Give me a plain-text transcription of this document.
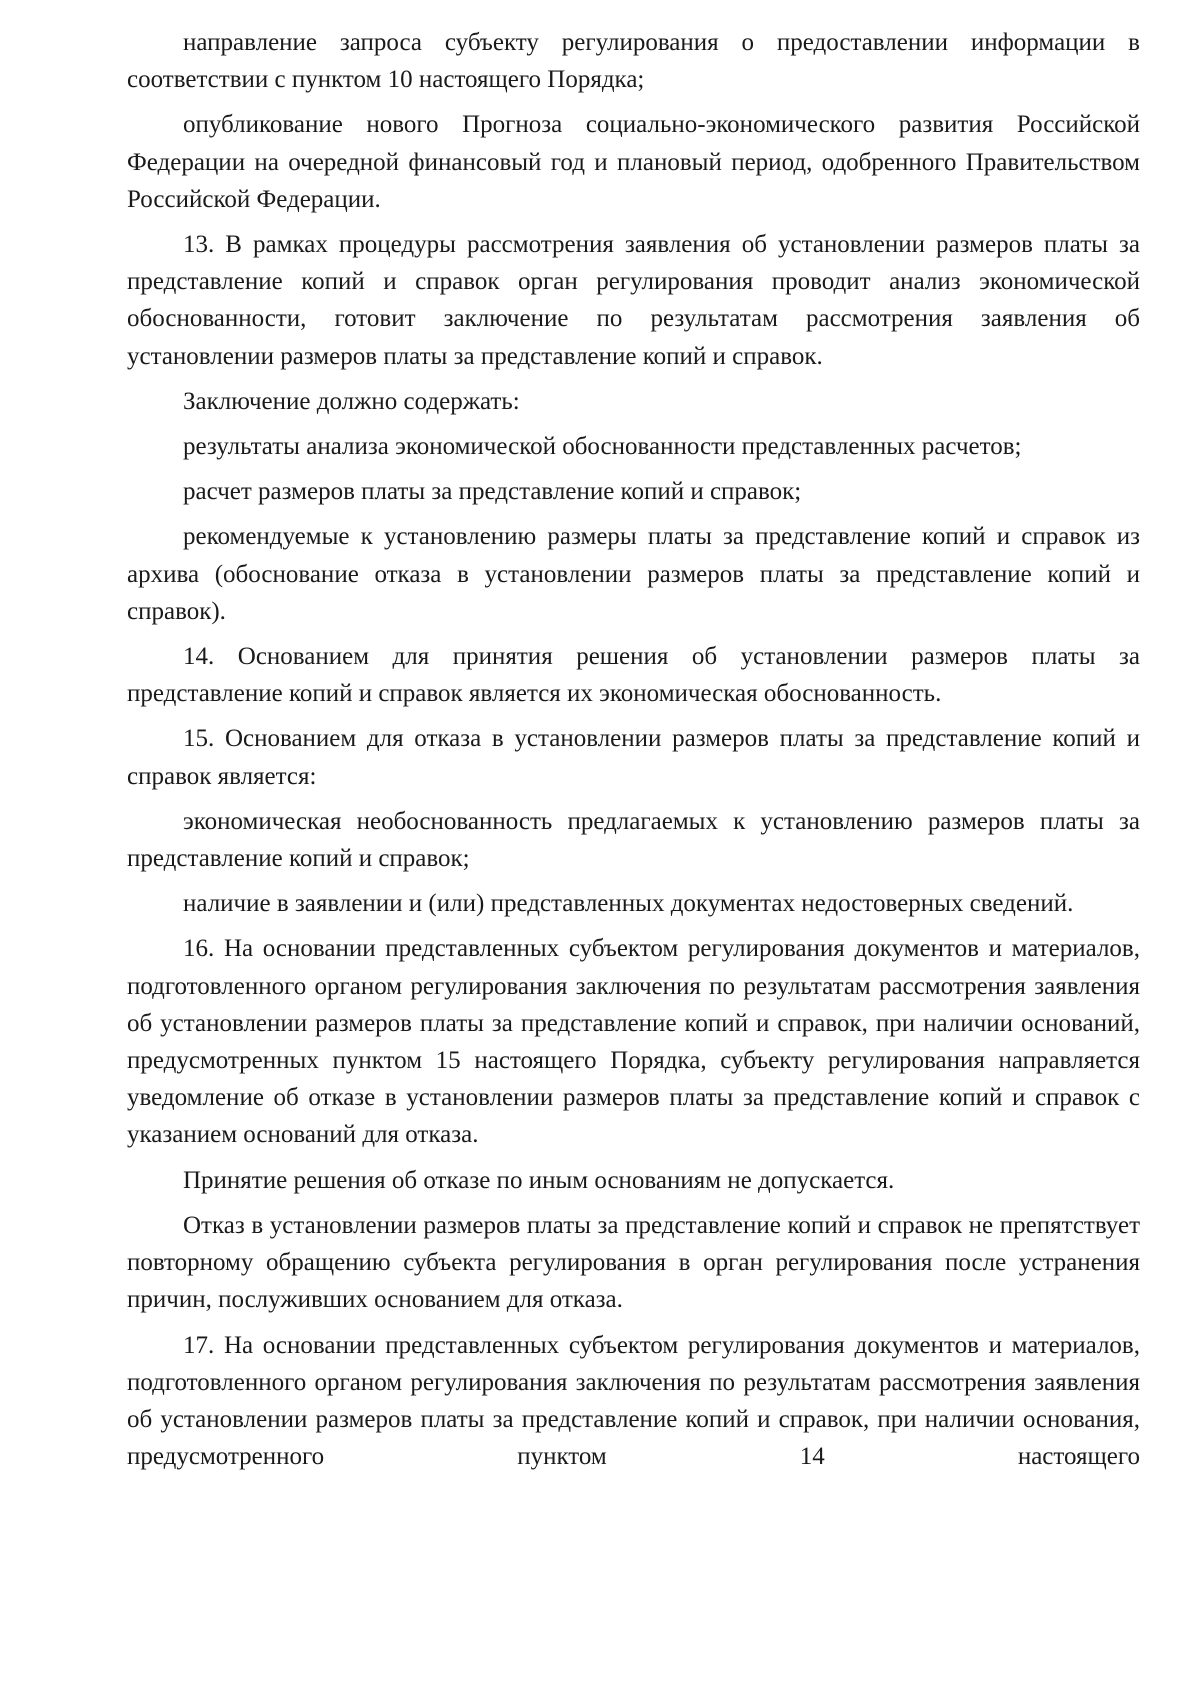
направление запроса субъекту регулирования о предоставлении информации в соответствии с пунктом 10 настоящего Порядка;

опубликование нового Прогноза социально-экономического развития Российской Федерации на очередной финансовый год и плановый период, одобренного Правительством Российской Федерации.

13. В рамках процедуры рассмотрения заявления об установлении размеров платы за представление копий и справок орган регулирования проводит анализ экономической обоснованности, готовит заключение по результатам рассмотрения заявления об установлении размеров платы за представление копий и справок.

Заключение должно содержать:

результаты анализа экономической обоснованности представленных расчетов;

расчет размеров платы за представление копий и справок;

рекомендуемые к установлению размеры платы за представление копий и справок из архива (обоснование отказа в установлении размеров платы за представление копий и справок).

14. Основанием для принятия решения об установлении размеров платы за представление копий и справок является их экономическая обоснованность.

15. Основанием для отказа в установлении размеров платы за представление копий и справок является:

экономическая необоснованность предлагаемых к установлению размеров платы за представление копий и справок;

наличие в заявлении и (или) представленных документах недостоверных сведений.

16. На основании представленных субъектом регулирования документов и материалов, подготовленного органом регулирования заключения по результатам рассмотрения заявления об установлении размеров платы за представление копий и справок, при наличии оснований, предусмотренных пунктом 15 настоящего Порядка, субъекту регулирования направляется уведомление об отказе в установлении размеров платы за представление копий и справок с указанием оснований для отказа.

Принятие решения об отказе по иным основаниям не допускается.

Отказ в установлении размеров платы за представление копий и справок не препятствует повторному обращению субъекта регулирования в орган регулирования после устранения причин, послуживших основанием для отказа.

17. На основании представленных субъектом регулирования документов и материалов, подготовленного органом регулирования заключения по результатам рассмотрения заявления об установлении размеров платы за представление копий и справок, при наличии основания, предусмотренного пунктом 14 настоящего
